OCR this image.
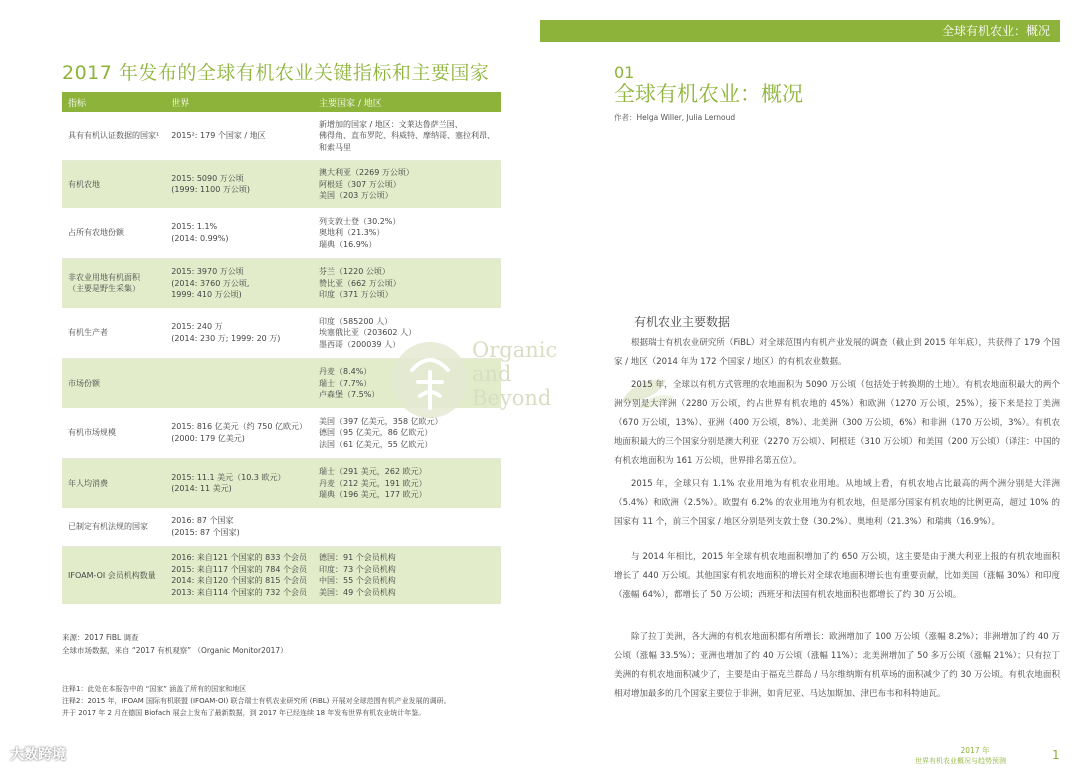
2017 年发布的全球有机农业关键指标和主要国家
指标	世界	主要国家 / 地区

具有有机认证数据的国家¹	2015²: 179 个国家 / 地区	新增加的国家 / 地区：文莱达鲁萨兰国、
佛得角、直布罗陀、科威特、摩纳哥、塞拉利昂、
和索马里

有机农地	2015: 5090 万公顷
(1999: 1100 万公顷)	澳大利亚（2269 万公顷）
阿根廷（307 万公顷）
美国（203 万公顷）

占所有农地份额	2015: 1.1%
(2014: 0.99%)	列支敦士登（30.2%）
奥地利（21.3%）
瑞典（16.9%）

非农业用地有机面积
（主要是野生采集）	2015: 3970 万公顷
(2014: 3760 万公顷,
1999: 410 万公顷)	芬兰（1220 公顷）
赞比亚（662 万公顷）
印度（371 万公顷）

有机生产者	2015: 240 万
(2014: 230 万; 1999: 20 万)	印度（585200 人）
埃塞俄比亚（203602 人）
墨西哥（200039 人）

市场份额		丹麦（8.4%）
瑞士（7.7%）
卢森堡（7.5%）

有机市场规模	2015: 816 亿美元（约 750 亿欧元）
(2000: 179 亿美元)	美国（397 亿美元，358 亿欧元）
德国（95 亿美元，86 亿欧元）
法国（61 亿美元，55 亿欧元）

年人均消费	2015: 11.1 美元（10.3 欧元）
(2014: 11 美元)	瑞士（291 美元，262 欧元）
丹麦（212 美元，191 欧元）
瑞典（196 美元，177 欧元）

已制定有机法规的国家	2016: 87 个国家
(2015: 87 个国家)	

IFOAM-OI 会员机构数量	2016: 来自121 个国家的 833 个会员
2015: 来自117 个国家的 784 个会员
2014: 来自120 个国家的 815 个会员
2013: 来自114 个国家的 732 个会员	德国：91 个会员机构
印度：73 个会员机构
中国：55 个会员机构
美国：49 个会员机构
来源：2017 FiBL 调查
全球市场数据，来自 “2017 有机观察” （Organic Monitor2017）
注释1：此处在本报告中的 “国家” 涵盖了所有的国家和地区
注释2：2015 年，IFOAM 国际有机联盟 (IFOAM-OI) 联合瑞士有机农业研究所 (FiBL) 开展对全球范围有机产业发展的调研。
并于 2017 年 2 月在德国 Biofach 展会上发布了最新数据，到 2017 年已经连续 18 年发布世界有机农业统计年鉴。
Organic
and
Beyond
大数跨境
全球有机农业：概况
01
全球有机农业：概况
作者：Helga Willer, Julia Lernoud
有机农业主要数据
根据瑞士有机农业研究所（FiBL）对全球范围内有机产业发展的调查（截止到 2015 年年底），共获得了 179 个国家 / 地区（2014 年为 172 个国家 / 地区）的有机农业数据。
2015 年，全球以有机方式管理的农地面积为 5090 万公顷（包括处于转换期的土地）。有机农地面积最大的两个洲分别是大洋洲（2280 万公顷，约占世界有机农地的 45%）和欧洲（1270 万公顷，25%），接下来是拉丁美洲（670 万公顷，13%）、亚洲（400 万公顷，8%）、北美洲（300 万公顷，6%）和非洲（170 万公顷，3%）。有机农地面积最大的三个国家分别是澳大利亚（2270 万公顷）、阿根廷（310 万公顷）和美国（200 万公顷）（译注：中国的有机农地面积为 161 万公顷，世界排名第五位）。
2015 年，全球只有 1.1% 农业用地为有机农业用地。从地域上看，有机农地占比最高的两个洲分别是大洋洲（5.4%）和欧洲（2.5%）。欧盟有 6.2% 的农业用地为有机农地，但是部分国家有机农地的比例更高，超过 10% 的国家有 11 个，前三个国家 / 地区分别是列支敦士登（30.2%）、奥地利（21.3%）和瑞典（16.9%）。
与 2014 年相比，2015 年全球有机农地面积增加了约 650 万公顷，这主要是由于澳大利亚上报的有机农地面积增长了 440 万公顷。其他国家有机农地面积的增长对全球农地面积增长也有重要贡献，比如美国（涨幅 30%）和印度（涨幅 64%），都增长了 50 万公顷；西班牙和法国有机农地面积也都增长了约 30 万公顷。
除了拉丁美洲，各大洲的有机农地面积都有所增长：欧洲增加了 100 万公顷（涨幅 8.2%）；非洲增加了约 40 万公顷（涨幅 33.5%）；亚洲也增加了约 40 万公顷（涨幅 11%）；北美洲增加了 50 多万公顷（涨幅 21%）；只有拉丁美洲的有机农地面积减少了，主要是由于福克兰群岛 / 马尔维纳斯有机草场的面积减少了约 30 万公顷。有机农地面积相对增加最多的几个国家主要位于非洲，如肯尼亚、马达加斯加、津巴布韦和科特迪瓦。
2017 年
世界有机农业概况与趋势预测	1
